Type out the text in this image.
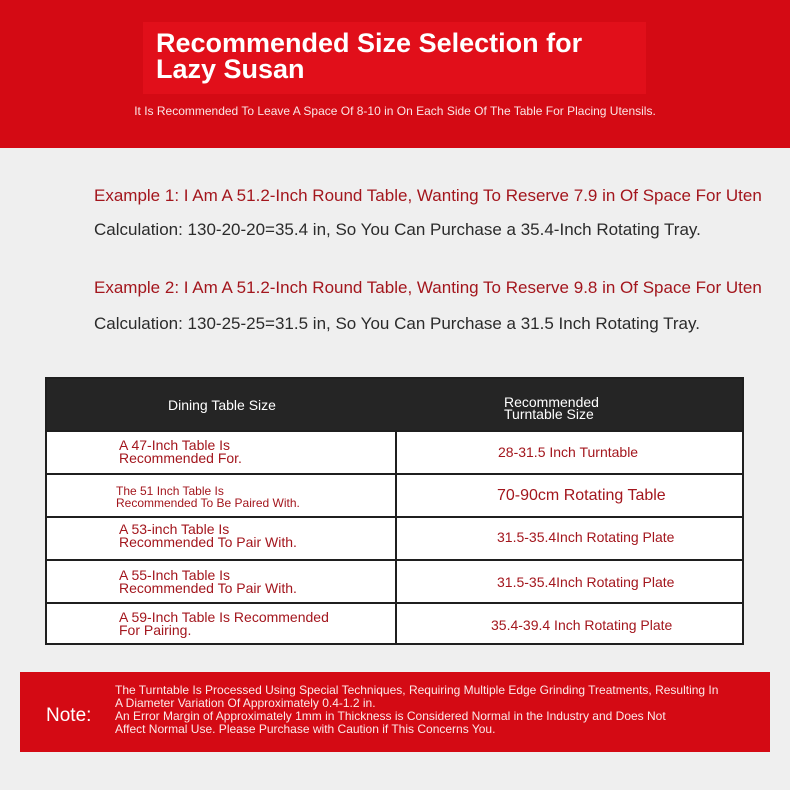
Recommended Size Selection for
Lazy Susan
It Is Recommended To Leave A Space Of 8-10 in On Each Side Of The Table For Placing Utensils.
Example 1: I Am A 51.2-Inch Round Table, Wanting To Reserve 7.9 in Of Space For Uten
Calculation: 130-20-20=35.4 in, So You Can Purchase a 35.4-Inch Rotating Tray.
Example 2: I Am A 51.2-Inch Round Table, Wanting To Reserve 9.8 in Of Space For Uten
Calculation: 130-25-25=31.5 in, So You Can Purchase a 31.5 Inch Rotating Tray.
Dining Table Size	Recommended
Turntable Size
A 47-Inch Table Is
Recommended For.	28-31.5 Inch Turntable
The 51 Inch Table Is
Recommended To Be Paired With.	70-90cm Rotating Table
A 53-inch Table Is
Recommended To Pair With.	31.5-35.4Inch Rotating Plate
A 55-Inch Table Is
Recommended To Pair With.	31.5-35.4Inch Rotating Plate
A 59-Inch Table Is Recommended
For Pairing.	35.4-39.4 Inch Rotating Plate
Note:

The Turntable Is Processed Using Special Techniques, Requiring Multiple Edge Grinding Treatments, Resulting In

A Diameter Variation Of Approximately 0.4-1.2 in.

An Error Margin of Approximately 1mm in Thickness is Considered Normal in the Industry and Does Not

Affect Normal Use. Please Purchase with Caution if This Concerns You.
